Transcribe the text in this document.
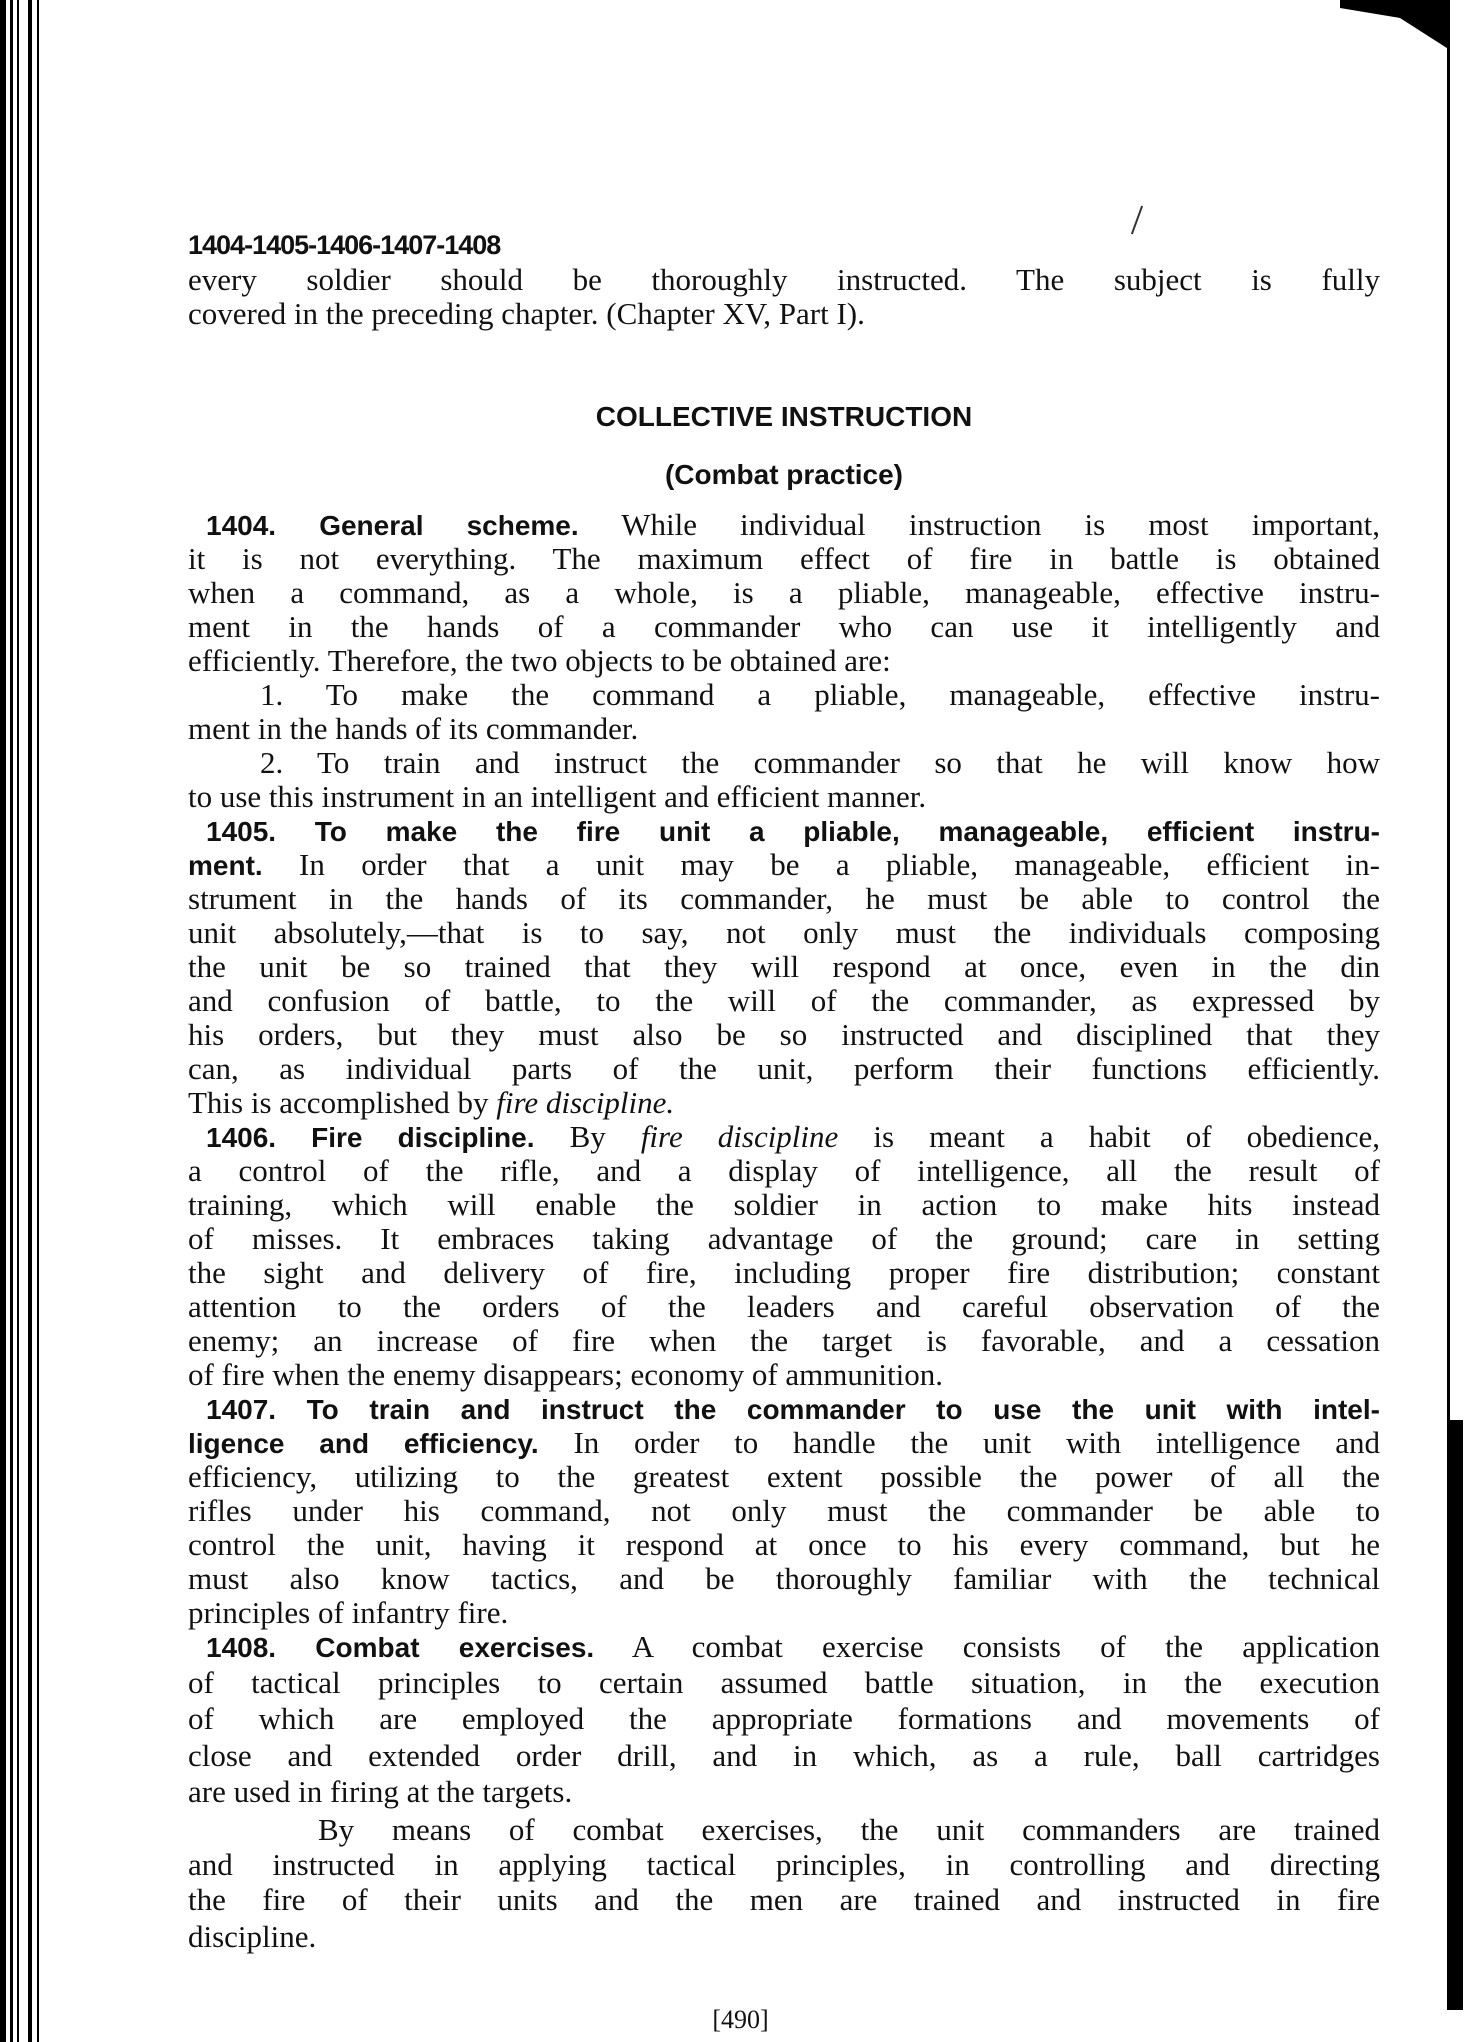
1404-1405-1406-1407-1408
COLLECTIVE INSTRUCTION
(Combat practice)
every soldier should be thoroughly instructed. The subject is fully
covered in the preceding chapter. (Chapter XV, Part I).
1404. General scheme. While individual instruction is most important,
it is not everything. The maximum effect of fire in battle is obtained
when a command, as a whole, is a pliable, manageable, effective instru-
ment in the hands of a commander who can use it intelligently and
efficiently. Therefore, the two objects to be obtained are:
1. To make the command a pliable, manageable, effective instru-
ment in the hands of its commander.
2. To train and instruct the commander so that he will know how
to use this instrument in an intelligent and efficient manner.
1405. To make the fire unit a pliable, manageable, efficient instru-
ment. In order that a unit may be a pliable, manageable, efficient in-
strument in the hands of its commander, he must be able to control the
unit absolutely,—that is to say, not only must the individuals composing
the unit be so trained that they will respond at once, even in the din
and confusion of battle, to the will of the commander, as expressed by
his orders, but they must also be so instructed and disciplined that they
can, as individual parts of the unit, perform their functions efficiently.
This is accomplished by fire discipline.
1406. Fire discipline. By fire discipline is meant a habit of obedience,
a control of the rifle, and a display of intelligence, all the result of
training, which will enable the soldier in action to make hits instead
of misses. It embraces taking advantage of the ground; care in setting
the sight and delivery of fire, including proper fire distribution; constant
attention to the orders of the leaders and careful observation of the
enemy; an increase of fire when the target is favorable, and a cessation
of fire when the enemy disappears; economy of ammunition.
1407. To train and instruct the commander to use the unit with intel-
ligence and efficiency. In order to handle the unit with intelligence and
efficiency, utilizing to the greatest extent possible the power of all the
rifles under his command, not only must the commander be able to
control the unit, having it respond at once to his every command, but he
must also know tactics, and be thoroughly familiar with the technical
principles of infantry fire.
1408. Combat exercises. A combat exercise consists of the application
of tactical principles to certain assumed battle situation, in the execution
of which are employed the appropriate formations and movements of
close and extended order drill, and in which, as a rule, ball cartridges
are used in firing at the targets.
By means of combat exercises, the unit commanders are trained
and instructed in applying tactical principles, in controlling and directing
the fire of their units and the men are trained and instructed in fire
discipline.
[490]
